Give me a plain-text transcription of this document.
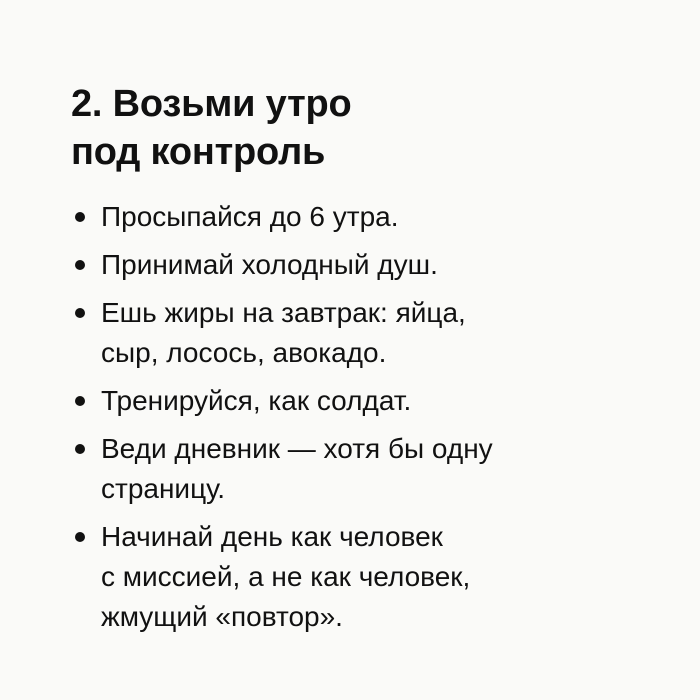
2. Возьми утро
под контроль
Просыпайся до 6 утра.
Принимай холодный душ.
Ешь жиры на завтрак: яйца,
сыр, лосось, авокадо.
Тренируйся, как солдат.
Веди дневник — хотя бы одну
страницу.
Начинай день как человек
с миссией, а не как человек,
жмущий «повтор».
